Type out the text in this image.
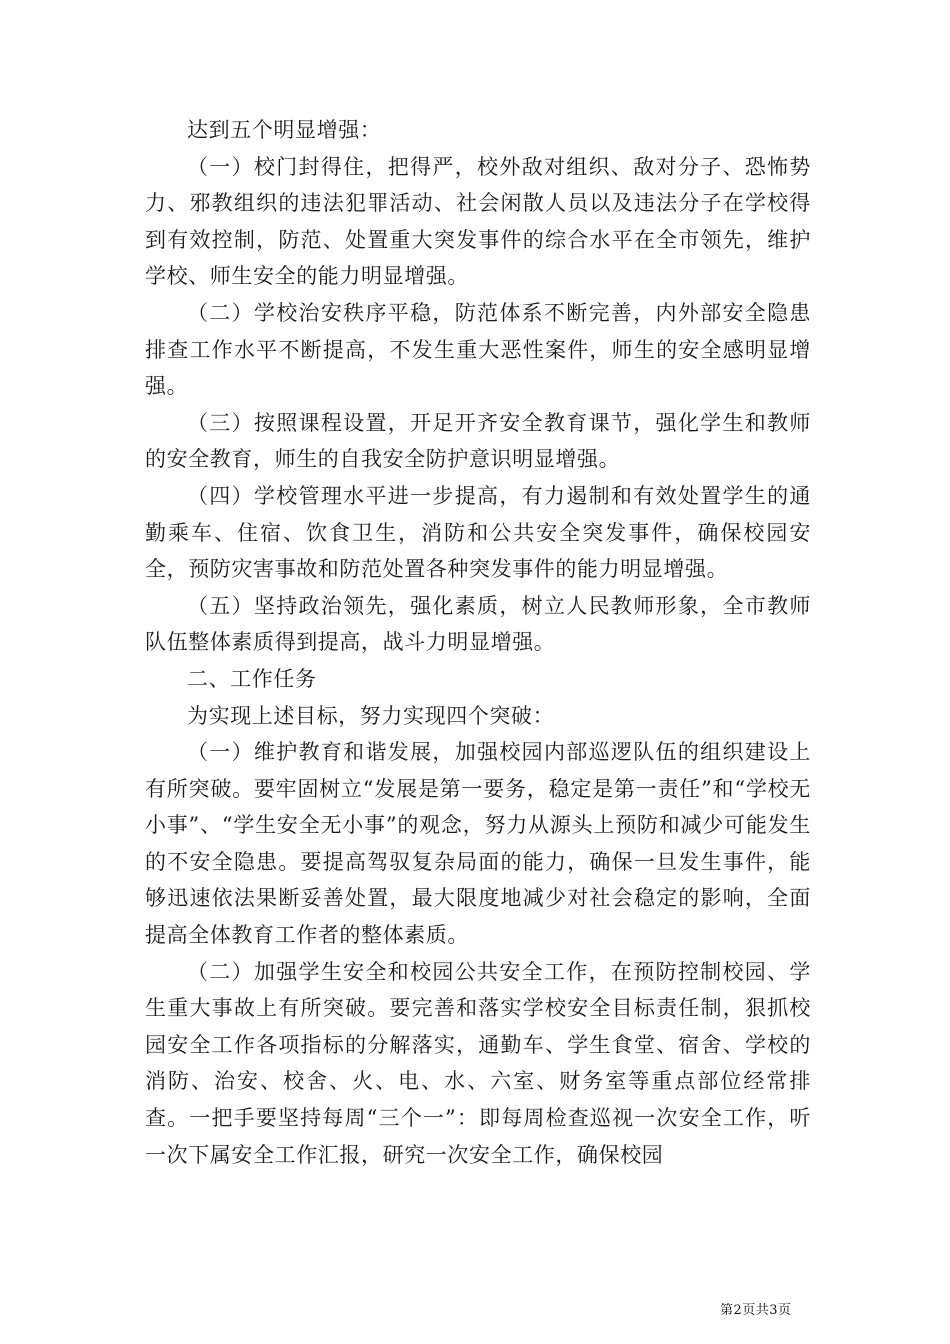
达到五个明显增强：

（一）校门封得住，把得严，校外敌对组织、敌对分子、恐怖势力、邪教组织的违法犯罪活动、社会闲散人员以及违法分子在学校得到有效控制，防范、处置重大突发事件的综合水平在全市领先，维护学校、师生安全的能力明显增强。

（二）学校治安秩序平稳，防范体系不断完善，内外部安全隐患排查工作水平不断提高，不发生重大恶性案件，师生的安全感明显增强。

（三）按照课程设置，开足开齐安全教育课节，强化学生和教师的安全教育，师生的自我安全防护意识明显增强。

（四）学校管理水平进一步提高，有力遏制和有效处置学生的通勤乘车、住宿、饮食卫生，消防和公共安全突发事件，确保校园安全，预防灾害事故和防范处置各种突发事件的能力明显增强。

（五）坚持政治领先，强化素质，树立人民教师形象，全市教师队伍整体素质得到提高，战斗力明显增强。

二、工作任务

为实现上述目标，努力实现四个突破：

（一）维护教育和谐发展，加强校园内部巡逻队伍的组织建设上有所突破。要牢固树立“发展是第一要务，稳定是第一责任”和“学校无小事”、“学生安全无小事”的观念，努力从源头上预防和减少可能发生的不安全隐患。要提高驾驭复杂局面的能力，确保一旦发生事件，能够迅速依法果断妥善处置，最大限度地减少对社会稳定的影响，全面提高全体教育工作者的整体素质。

（二）加强学生安全和校园公共安全工作，在预防控制校园、学生重大事故上有所突破。要完善和落实学校安全目标责任制，狠抓校园安全工作各项指标的分解落实，通勤车、学生食堂、宿舍、学校的消防、治安、校舍、火、电、水、六室、财务室等重点部位经常排查。一把手要坚持每周“三个一”：即每周检查巡视一次安全工作，听一次下属安全工作汇报，研究一次安全工作，确保校园

第2页共3页
